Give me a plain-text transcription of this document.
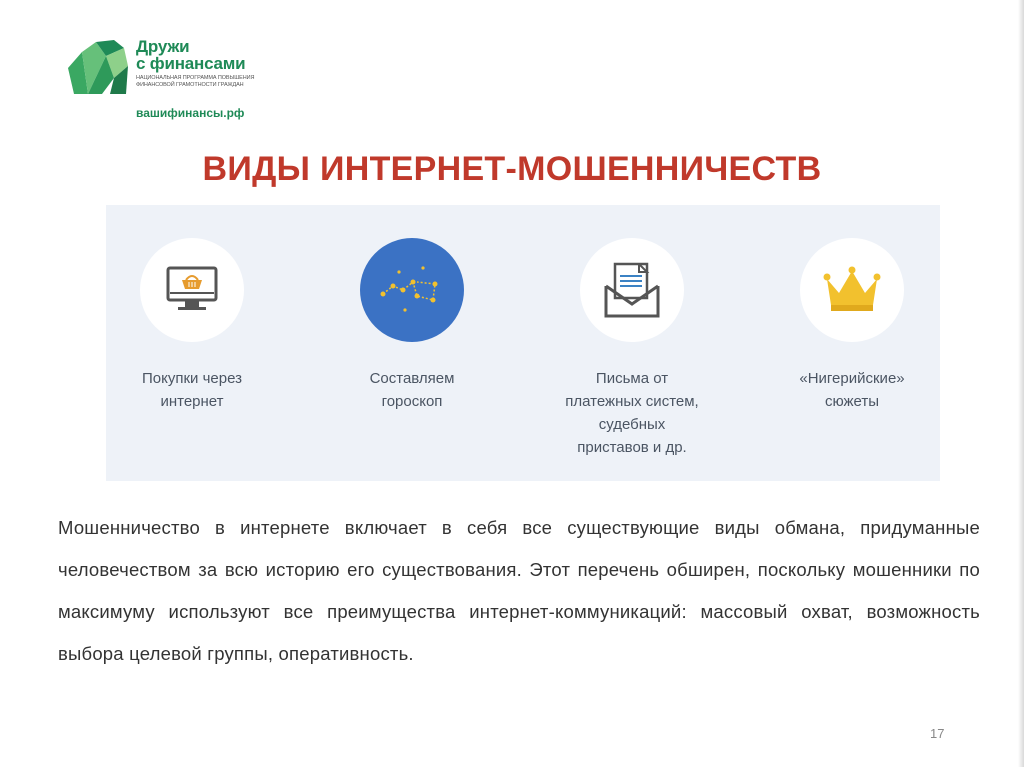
Дружи
с финансами
НАЦИОНАЛЬНАЯ ПРОГРАММА ПОВЫШЕНИЯ ФИНАНСОВОЙ ГРАМОТНОСТИ ГРАЖДАН
вашифинансы.рф
ВИДЫ ИНТЕРНЕТ-МОШЕННИЧЕСТВ
Покупки через
интернет
Составляем
гороскоп
Письма от
платежных систем,
судебных
приставов и др.
«Нигерийские»
сюжеты
Мошенничество в интернете включает в себя все существующие виды обмана, придуманные человечеством за всю историю его существования. Этот перечень обширен, поскольку мошенники по максимуму используют все преимущества интернет-коммуникаций: массовый охват, возможность выбора целевой группы, оперативность.
17
